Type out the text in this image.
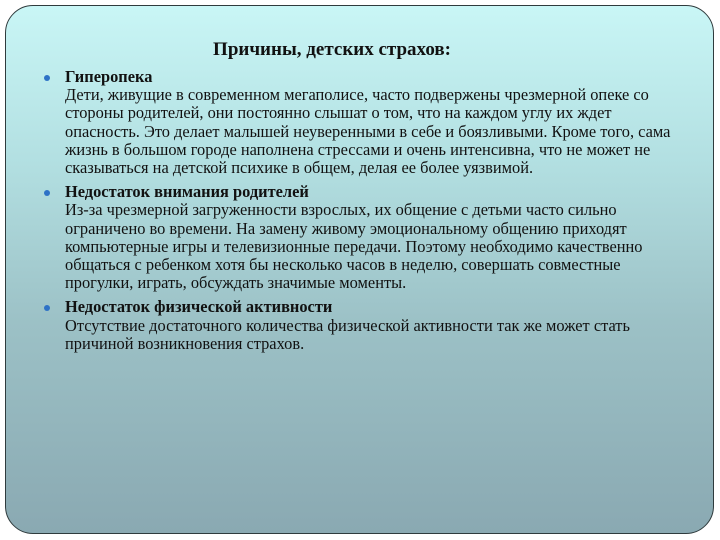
Причины, детских страхов:
Гиперопека
Дети, живущие в современном мегаполисе, часто подвержены чрезмерной опеке со стороны родителей, они постоянно слышат о том, что на каждом углу их ждет опасность. Это делает малышей неуверенными в себе и боязливыми. Кроме того, сама жизнь в большом городе наполнена стрессами и очень интенсивна, что не может не сказываться на детской психике в общем, делая ее более уязвимой.
Недостаток внимания родителей
Из-за чрезмерной загруженности взрослых, их общение с детьми часто сильно ограничено во времени. На замену живому эмоциональному общению приходят компьютерные игры и телевизионные передачи. Поэтому необходимо качественно общаться с ребенком хотя бы несколько часов в неделю, совершать совместные прогулки, играть, обсуждать значимые моменты.
Недостаток физической активности
Отсутствие достаточного количества физической активности так же может стать причиной возникновения страхов.
